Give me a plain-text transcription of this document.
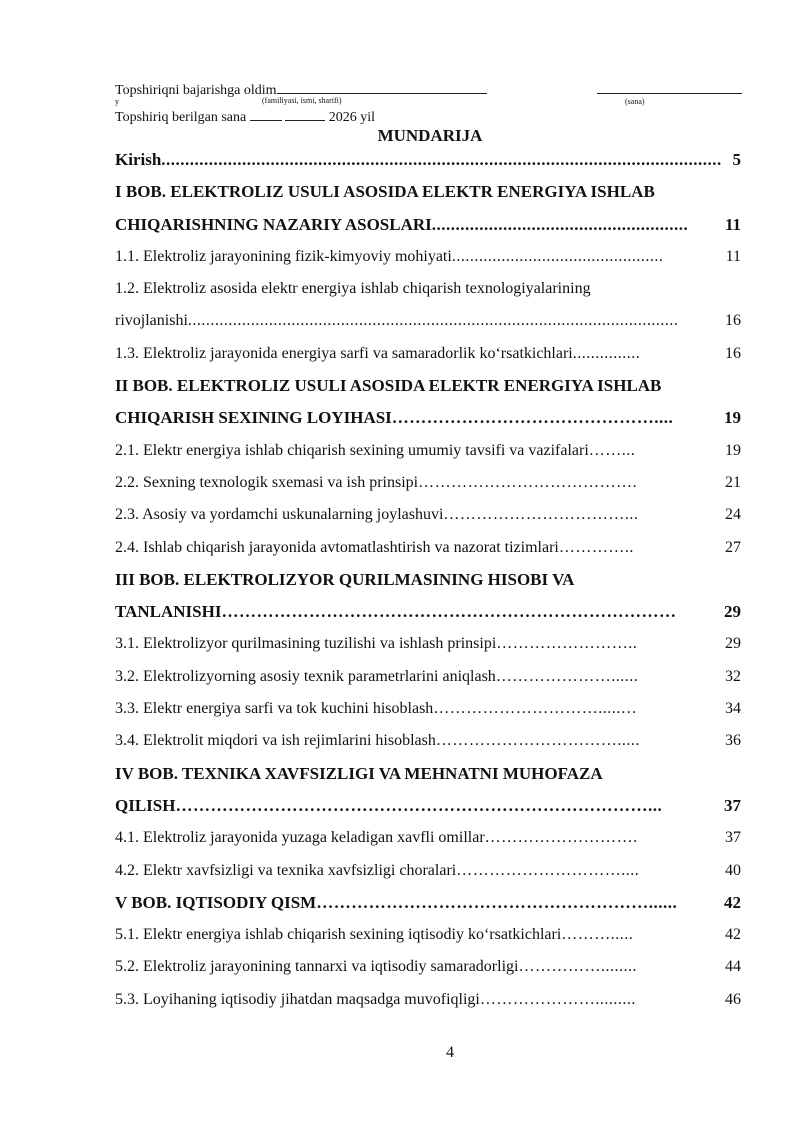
Topshiriqni bajarishga oldim
y	(familiyasi, ismi, sharifi)	(sana)
Topshiriq berilgan sana	2026 yil
MUNDARIJA
Kirish ...................................................................................................................... 5
I BOB. ELEKTROLIZ USULI ASOSIDA ELEKTR ENERGIYA ISHLAB
CHIQARISHNING NAZARIY ASOSLARI ......................................................	11
1.1. Elektroliz jarayonining fizik-kimyoviy mohiyati ...............................................	11
1.2. Elektroliz asosida elektr energiya ishlab chiqarish texnologiyalarining
rivojlanishi .............................................................................................................	16
1.3. Elektroliz jarayonida energiya sarfi va samaradorlik koʻrsatkichlari ...............	16
II BOB. ELEKTROLIZ USULI ASOSIDA ELEKTR ENERGIYA ISHLAB
CHIQARISH SEXINING LOYIHASI ………………………………………....	19
2.1. Elektr energiya ishlab chiqarish sexining umumiy tavsifi va vazifalari ……...	19
2.2. Sexning texnologik sxemasi va ish prinsipi ………………………………….	21
2.3. Asosiy va yordamchi uskunalarning joylashuvi ……………………………...	24
2.4. Ishlab chiqarish jarayonida avtomatlashtirish va nazorat tizimlari …………..	27
III BOB. ELEKTROLIZYOR QURILMASINING HISOBI VA
TANLANISHI ……………………………………………………………………	29
3.1. Elektrolizyor qurilmasining tuzilishi va ishlash prinsipi ……………………..	29
3.2. Elektrolizyorning asosiy texnik parametrlarini aniqlash …………………......	32
3.3. Elektr energiya sarfi va tok kuchini hisoblash ………………………….....…	34
3.4. Elektrolit miqdori va ish rejimlarini hisoblash …………………………….....	36
IV BOB. TEXNIKA XAVFSIZLIGI VA MEHNATNI MUHOFAZA
QILISH ………………………………………………………………………...	37
4.1. Elektroliz jarayonida yuzaga keladigan xavfli omillar ……………………….	37
4.2. Elektr xavfsizligi va texnika xavfsizligi choralari …………………………....	40
V BOB. IQTISODIY QISM …………………………………………………......	42
5.1. Elektr energiya ishlab chiqarish sexining iqtisodiy koʻrsatkichlari ……….....	42
5.2. Elektroliz jarayonining tannarxi va iqtisodiy samaradorligi ……………........	44
5.3. Loyihaning iqtisodiy jihatdan maqsadga muvofiqligi ………………….........	46
4
